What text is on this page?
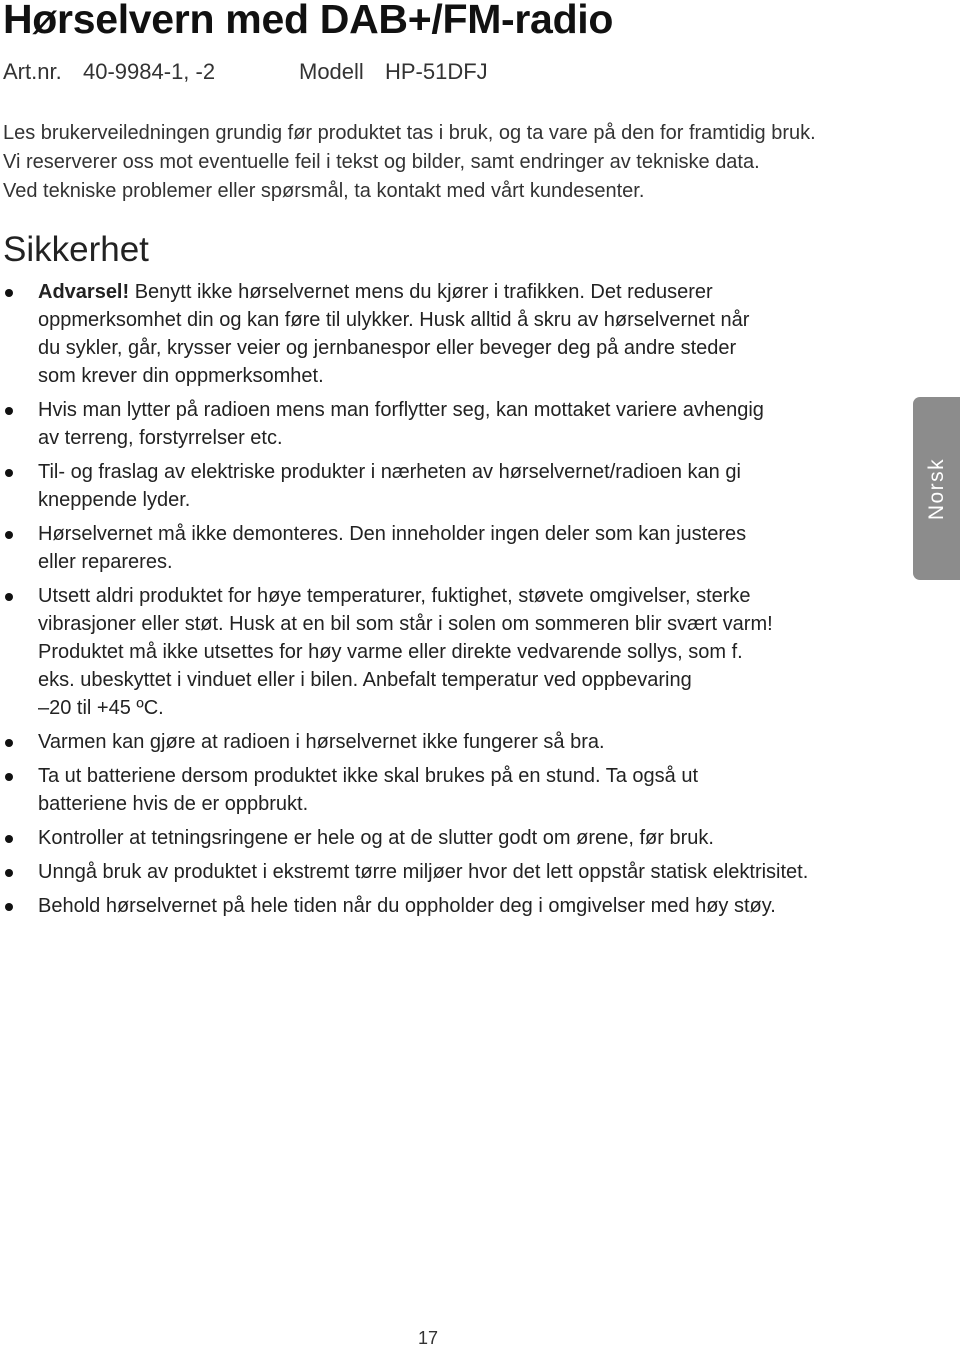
Hørselvern med DAB+/FM-radio
Art.nr. 40-9984-1, -2	Modell HP-51DFJ
Les brukerveiledningen grundig før produktet tas i bruk, og ta vare på den for framtidig bruk.
Vi reserverer oss mot eventuelle feil i tekst og bilder, samt endringer av tekniske data.
Ved tekniske problemer eller spørsmål, ta kontakt med vårt kundesenter.
Sikkerhet
Advarsel! Benytt ikke hørselvernet mens du kjører i trafikken. Det reduserer
oppmerksomhet din og kan føre til ulykker. Husk alltid å skru av hørselvernet når
du sykler, går, krysser veier og jernbanespor eller beveger deg på andre steder
som krever din oppmerksomhet.
Hvis man lytter på radioen mens man forflytter seg, kan mottaket variere avhengig
av terreng, forstyrrelser etc.
Til- og fraslag av elektriske produkter i nærheten av hørselvernet/radioen kan gi
kneppende lyder.
Hørselvernet må ikke demonteres. Den inneholder ingen deler som kan justeres
eller repareres.
Utsett aldri produktet for høye temperaturer, fuktighet, støvete omgivelser, sterke
vibrasjoner eller støt. Husk at en bil som står i solen om sommeren blir svært varm!
Produktet må ikke utsettes for høy varme eller direkte vedvarende sollys, som f.
eks. ubeskyttet i vinduet eller i bilen. Anbefalt temperatur ved oppbevaring
–20 til +45 ºC.
Varmen kan gjøre at radioen i hørselvernet ikke fungerer så bra.
Ta ut batteriene dersom produktet ikke skal brukes på en stund. Ta også ut
batteriene hvis de er oppbrukt.
Kontroller at tetningsringene er hele og at de slutter godt om ørene, før bruk.
Unngå bruk av produktet i ekstremt tørre miljøer hvor det lett oppstår statisk elektrisitet.
Behold hørselvernet på hele tiden når du oppholder deg i omgivelser med høy støy.
Norsk
17
